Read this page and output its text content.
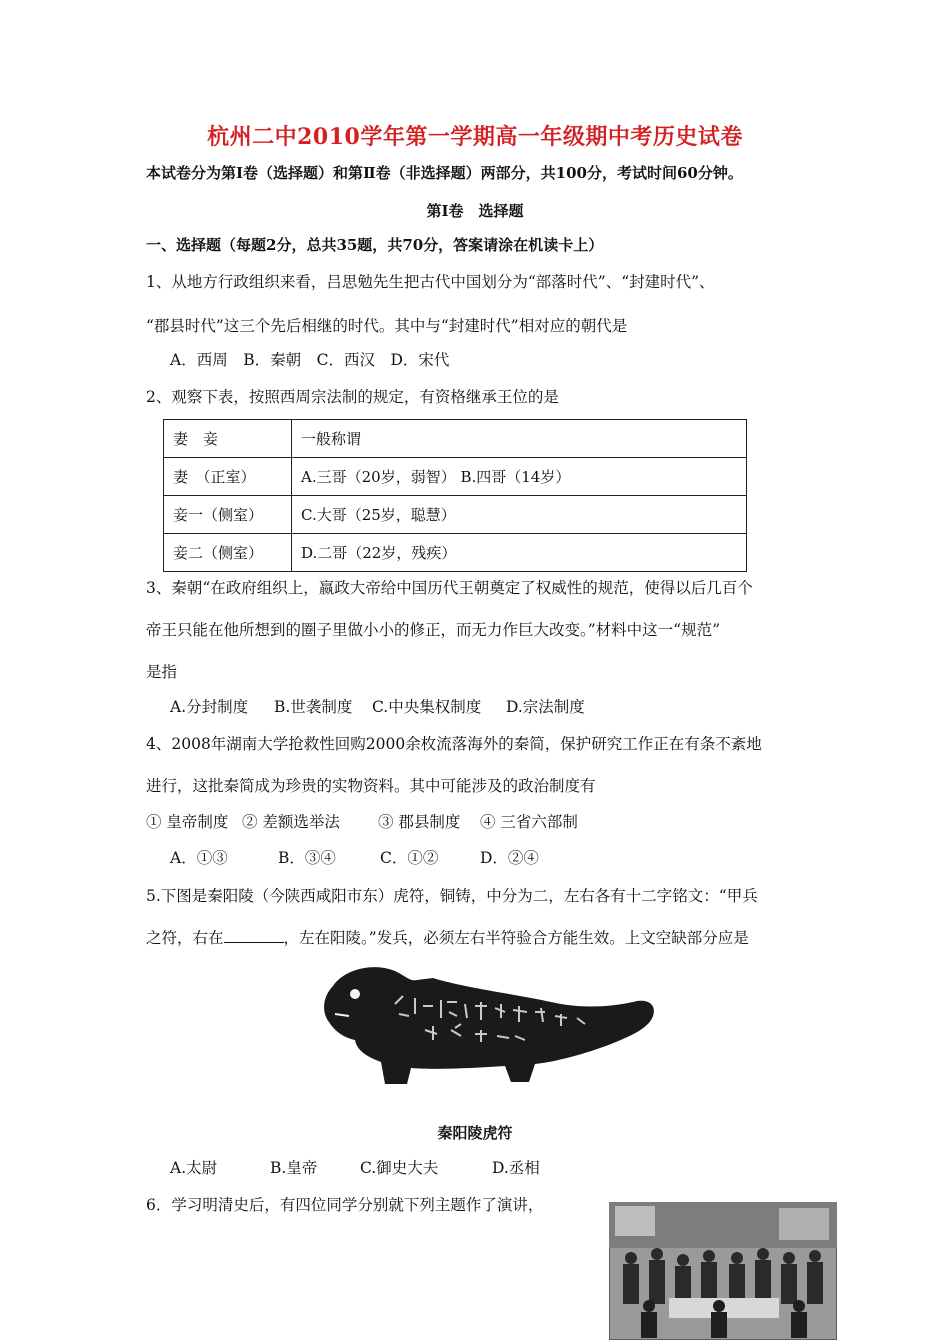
杭州二中2010学年第一学期高一年级期中考历史试卷
本试卷分为第Ⅰ卷（选择题）和第Ⅱ卷（非选择题）两部分，共100分，考试时间60分钟。
第Ⅰ卷　选择题
一、选择题（每题2分，总共35题，共70分，答案请涂在机读卡上）
1、从地方行政组织来看，吕思勉先生把古代中国划分为“部落时代”、“封建时代”、
“郡县时代”这三个先后相继的时代。其中与“封建时代”相对应的朝代是
A．西周　B．秦朝　C．西汉　D．宋代
2、观察下表，按照西周宗法制的规定，有资格继承王位的是
妻　妾	一般称谓
妻　（正室）	A.三哥（20岁，弱智） B.四哥（14岁）
妾一（侧室）	C.大哥（25岁，聪慧）
妾二（侧室）	D.二哥（22岁，残疾）
3、秦朝“在政府组织上，嬴政大帝给中国历代王朝奠定了权威性的规范，使得以后几百个
帝王只能在他所想到的圈子里做小小的修正，而无力作巨大改变。”材料中这一“规范”
是指
A.分封制度 B.世袭制度 C.中央集权制度 D.宗法制度
4、2008年湖南大学抢救性回购2000余枚流落海外的秦简，保护研究工作正在有条不紊地
进行，这批秦简成为珍贵的实物资料。其中可能涉及的政治制度有
① 皇帝制度 ② 差额选举法 ③ 郡县制度 ④ 三省六部制
A．①③	B．③④	C．①②	D．②④
5.下图是秦阳陵（今陕西咸阳市东）虎符，铜铸，中分为二，左右各有十二字铭文：“甲兵
之符，右在	，左在阳陵。”发兵，必须左右半符验合方能生效。上文空缺部分应是
秦阳陵虎符
A.太尉	B.皇帝	C.御史大夫	D.丞相
6．学习明清史后，有四位同学分别就下列主题作了演讲，
